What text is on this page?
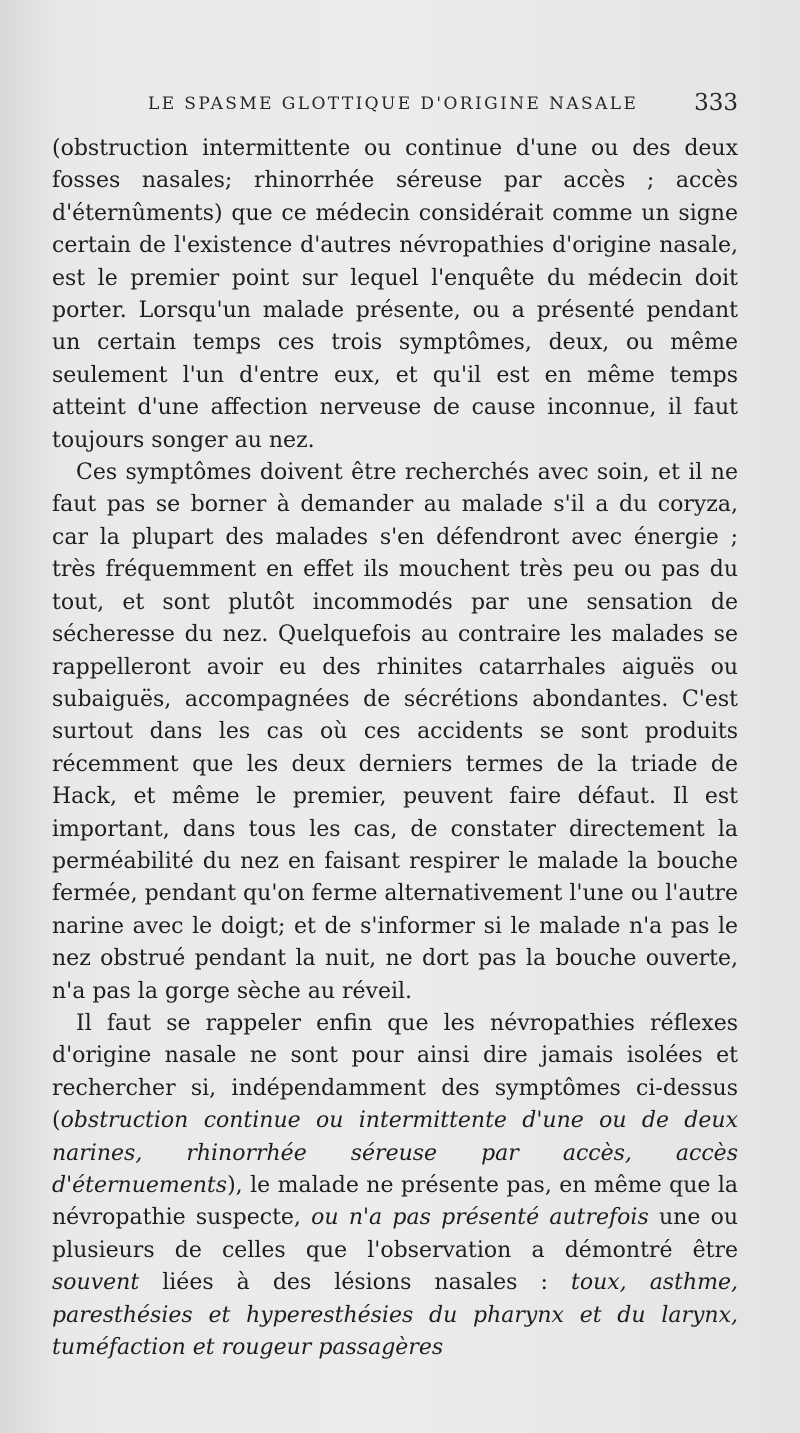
LE SPASME GLOTTIQUE D'ORIGINE NASALE 333

(obstruction intermittente ou continue d'une ou des deux fosses nasales; rhinorrhée séreuse par accès ; accès d'éternûments) que ce médecin considérait comme un signe certain de l'existence d'autres névropathies d'origine nasale, est le premier point sur lequel l'enquête du médecin doit porter. Lorsqu'un malade présente, ou a présenté pendant un certain temps ces trois symptômes, deux, ou même seulement l'un d'entre eux, et qu'il est en même temps atteint d'une affection nerveuse de cause inconnue, il faut toujours songer au nez.

Ces symptômes doivent être recherchés avec soin, et il ne faut pas se borner à demander au malade s'il a du coryza, car la plupart des malades s'en défendront avec énergie ; très fréquemment en effet ils mouchent très peu ou pas du tout, et sont plutôt incommodés par une sensation de sécheresse du nez. Quelquefois au contraire les malades se rappelleront avoir eu des rhinites catarrhales aiguës ou subaiguës, accompagnées de sécrétions abondantes. C'est surtout dans les cas où ces accidents se sont produits récemment que les deux derniers termes de la triade de Hack, et même le premier, peuvent faire défaut. Il est important, dans tous les cas, de constater directement la perméabilité du nez en faisant respirer le malade la bouche fermée, pendant qu'on ferme alternativement l'une ou l'autre narine avec le doigt; et de s'informer si le malade n'a pas le nez obstrué pendant la nuit, ne dort pas la bouche ouverte, n'a pas la gorge sèche au réveil.

Il faut se rappeler enfin que les névropathies réflexes d'origine nasale ne sont pour ainsi dire jamais isolées et rechercher si, indépendamment des symptômes ci-dessus (obstruction continue ou intermittente d'une ou de deux narines, rhinorrhée séreuse par accès, accès d'éternuements), le malade ne présente pas, en même que la névropathie suspecte, ou n'a pas présenté autrefois une ou plusieurs de celles que l'observation a démontré être souvent liées à des lésions nasales : toux, asthme, paresthésies et hyperesthésies du pharynx et du larynx, tuméfaction et rougeur passagères
